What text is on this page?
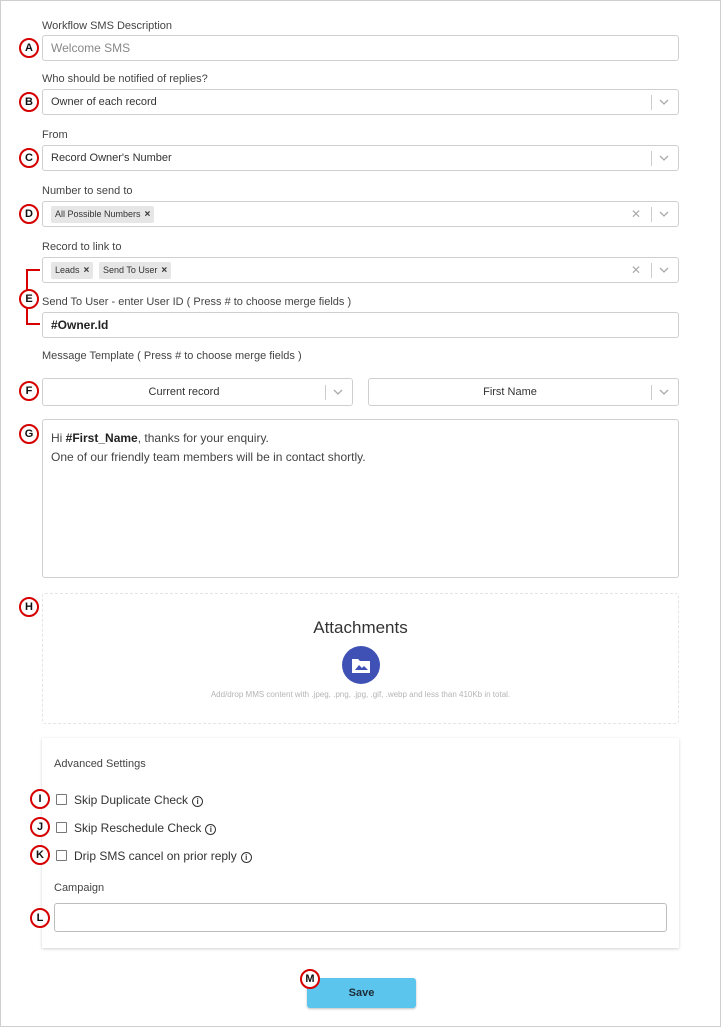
Workflow SMS Description
Welcome SMS
A
Who should be notified of replies?
Owner of each record
B
From
Record Owner's Number
C
Number to send to
All Possible Numbers ×	✕
D
Record to link to
Leads ×	Send To User ×	✕
Send To User - enter User ID ( Press # to choose merge fields )
#Owner.Id
E
Message Template ( Press # to choose merge fields )
Current record	First Name
F
Hi #First_Name, thanks for your enquiry.
One of our friendly team members will be in contact shortly.
G
Attachments
Add/drop MMS content with .jpeg, .png, .jpg, .gif, .webp and less than 410Kb in total.
H
Advanced Settings
Skip Duplicate Check i
Skip Reschedule Check i
Drip SMS cancel on prior reply i
Campaign
I
J
K
L
Save
M
